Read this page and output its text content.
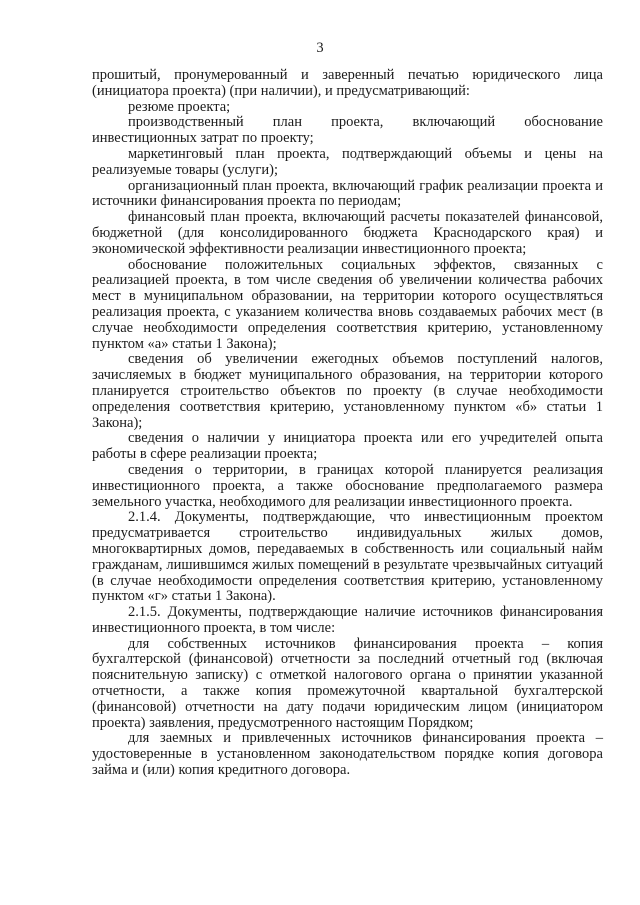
3

прошитый, пронумерованный и заверенный печатью юридического лица (инициатора проекта) (при наличии), и предусматривающий:

резюме проекта;

производственный план проекта, включающий обоснование инвестиционных затрат по проекту;

маркетинговый план проекта, подтверждающий объемы и цены на реализуемые товары (услуги);

организационный план проекта, включающий график реализации проекта и источники финансирования проекта по периодам;

финансовый план проекта, включающий расчеты показателей финансовой, бюджетной (для консолидированного бюджета Краснодарского края) и экономической эффективности реализации инвестиционного проекта;

обоснование положительных социальных эффектов, связанных с реализацией проекта, в том числе сведения об увеличении количества рабочих мест в муниципальном образовании, на территории которого осуществляться реализация проекта, с указанием количества вновь создаваемых рабочих мест (в случае необходимости определения соответствия критерию, установленному пунктом «а» статьи 1 Закона);

сведения об увеличении ежегодных объемов поступлений налогов, зачисляемых в бюджет муниципального образования, на территории которого планируется строительство объектов по проекту (в случае необходимости определения соответствия критерию, установленному пунктом «б» статьи 1 Закона);

сведения о наличии у инициатора проекта или его учредителей опыта работы в сфере реализации проекта;

сведения о территории, в границах которой планируется реализация инвестиционного проекта, а также обоснование предполагаемого размера земельного участка, необходимого для реализации инвестиционного проекта.

2.1.4. Документы, подтверждающие, что инвестиционным проектом предусматривается строительство индивидуальных жилых домов, многоквартирных домов, передаваемых в собственность или социальный найм гражданам, лишившимся жилых помещений в результате чрезвычайных ситуаций (в случае необходимости определения соответствия критерию, установленному пунктом «г» статьи 1 Закона).

2.1.5. Документы, подтверждающие наличие источников финансирования инвестиционного проекта, в том числе:

для собственных источников финансирования проекта – копия бухгалтерской (финансовой) отчетности за последний отчетный год (включая пояснительную записку) с отметкой налогового органа о принятии указанной отчетности, а также копия промежуточной квартальной бухгалтерской (финансовой) отчетности на дату подачи юридическим лицом (инициатором проекта) заявления, предусмотренного настоящим Порядком;

для заемных и привлеченных источников финансирования проекта – удостоверенные в установленном законодательством порядке копия договора займа и (или) копия кредитного договора.
